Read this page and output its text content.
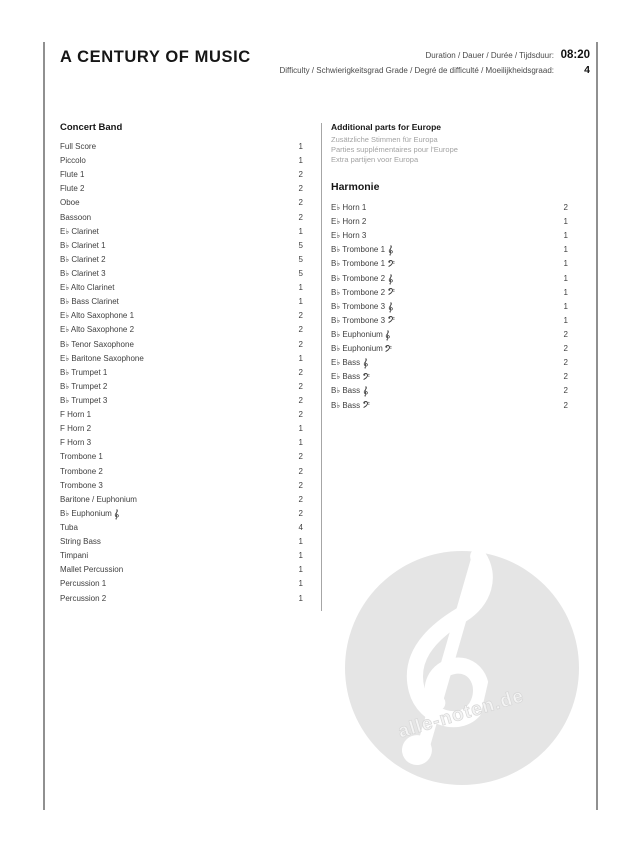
A CENTURY OF MUSIC	Duration / Dauer / Durée / Tijdsduur: 08:20
Difficulty / Schwierigkeitsgrad Grade / Degré de difficulté / Moeilijkheidsgraad:	4
alle-noten.de
Concert Band
Full Score	1
Piccolo	1
Flute 1	2
Flute 2	2
Oboe	2
Bassoon	2
E♭ Clarinet	1
B♭ Clarinet 1	5
B♭ Clarinet 2	5
B♭ Clarinet 3	5
E♭ Alto Clarinet	1
B♭ Bass Clarinet	1
E♭ Alto Saxophone 1	2
E♭ Alto Saxophone 2	2
B♭ Tenor Saxophone	2
E♭ Baritone Saxophone	1
B♭ Trumpet 1	2
B♭ Trumpet 2	2
B♭ Trumpet 3	2
F Horn 1	2
F Horn 2	1
F Horn 3	1
Trombone 1	2
Trombone 2	2
Trombone 3	2
Baritone / Euphonium	2
B♭ Euphonium	2
Tuba	4
String Bass	1
Timpani	1
Mallet Percussion	1
Percussion 1	1
Percussion 2	1
Additional parts for Europe
Zusätzliche Stimmen für Europa
Parties supplémentaires pour l'Europe
Extra partijen voor Europa
Harmonie
E♭ Horn 1	2
E♭ Horn 2	1
E♭ Horn 3	1
B♭ Trombone 1	1
B♭ Trombone 1	1
B♭ Trombone 2	1
B♭ Trombone 2	1
B♭ Trombone 3	1
B♭ Trombone 3	1
B♭ Euphonium	2
B♭ Euphonium	2
E♭ Bass	2
E♭ Bass	2
B♭ Bass	2
B♭ Bass	2
